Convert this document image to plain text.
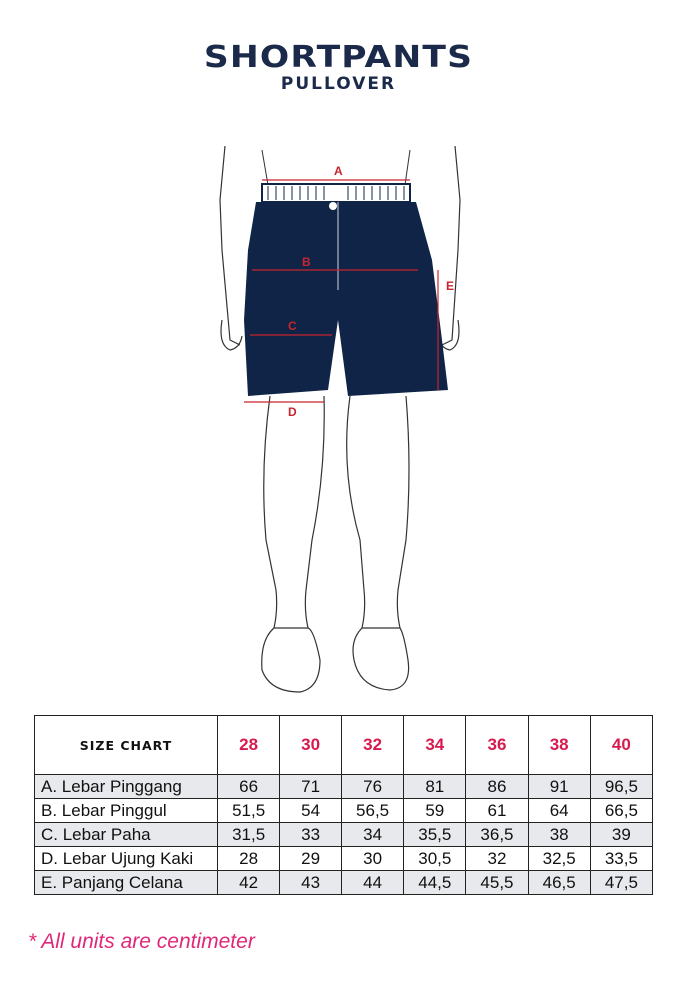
SHORTPANTS
PULLOVER
A
B
C
D
E
SIZE CHART	28	30	32	34	36	38	40
A. Lebar Pinggang	66	71	76	81	86	91	96,5
B. Lebar Pinggul	51,5	54	56,5	59	61	64	66,5
C. Lebar Paha	31,5	33	34	35,5	36,5	38	39
D. Lebar Ujung Kaki	28	29	30	30,5	32	32,5	33,5
E. Panjang Celana	42	43	44	44,5	45,5	46,5	47,5
* All units are centimeter
